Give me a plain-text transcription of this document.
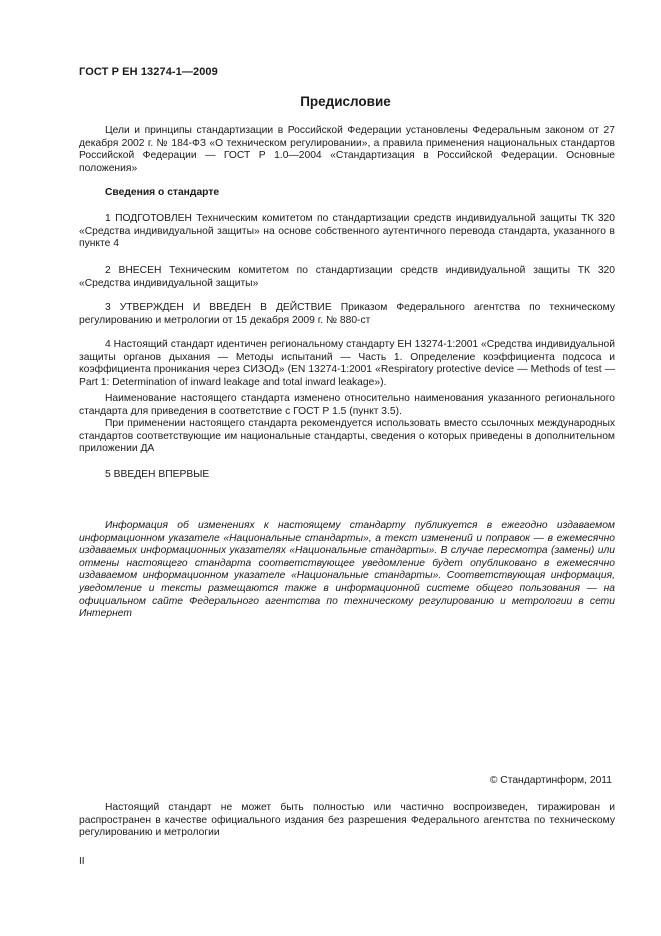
ГОСТ Р ЕН 13274-1—2009
Предисловие

Цели и принципы стандартизации в Российской Федерации установлены Федеральным законом от 27 декабря 2002 г. № 184-ФЗ «О техническом регулировании», а правила применения национальных стандартов Российской Федерации — ГОСТ Р 1.0—2004 «Стандартизация в Российской Федерации. Основные положения»

Сведения о стандарте

1 ПОДГОТОВЛЕН Техническим комитетом по стандартизации средств индивидуальной защиты ТК 320 «Средства индивидуальной защиты» на основе собственного аутентичного перевода стандарта, указанного в пункте 4

2 ВНЕСЕН Техническим комитетом по стандартизации средств индивидуальной защиты ТК 320 «Средства индивидуальной защиты»

3 УТВЕРЖДЕН И ВВЕДЕН В ДЕЙСТВИЕ Приказом Федерального агентства по техническому регулированию и метрологии от 15 декабря 2009 г. № 880-ст

4 Настоящий стандарт идентичен региональному стандарту ЕН 13274-1:2001 «Средства индивидуальной защиты органов дыхания — Методы испытаний — Часть 1. Определение коэффициента подсоса и коэффициента проникания через СИЗОД» (EN 13274-1:2001 «Respiratory protective device — Methods of test — Part 1: Determination of inward leakage and total inward leakage»).

Наименование настоящего стандарта изменено относительно наименования указанного регионального стандарта для приведения в соответствие с ГОСТ Р 1.5 (пункт 3.5).

При применении настоящего стандарта рекомендуется использовать вместо ссылочных международных стандартов соответствующие им национальные стандарты, сведения о которых приведены в дополнительном приложении ДА

5 ВВЕДЕН ВПЕРВЫЕ

Информация об изменениях к настоящему стандарту публикуется в ежегодно издаваемом информационном указателе «Национальные стандарты», а текст изменений и поправок — в ежемесячно издаваемых информационных указателях «Национальные стандарты». В случае пересмотра (замены) или отмены настоящего стандарта соответствующее уведомление будет опубликовано в ежемесячно издаваемом информационном указателе «Национальные стандарты». Соответствующая информация, уведомление и тексты размещаются также в информационной системе общего пользования — на официальном сайте Федерального агентства по техническому регулированию и метрологии в сети Интернет

© Стандартинформ, 2011

Настоящий стандарт не может быть полностью или частично воспроизведен, тиражирован и распространен в качестве официального издания без разрешения Федерального агентства по техническому регулированию и метрологии

II
